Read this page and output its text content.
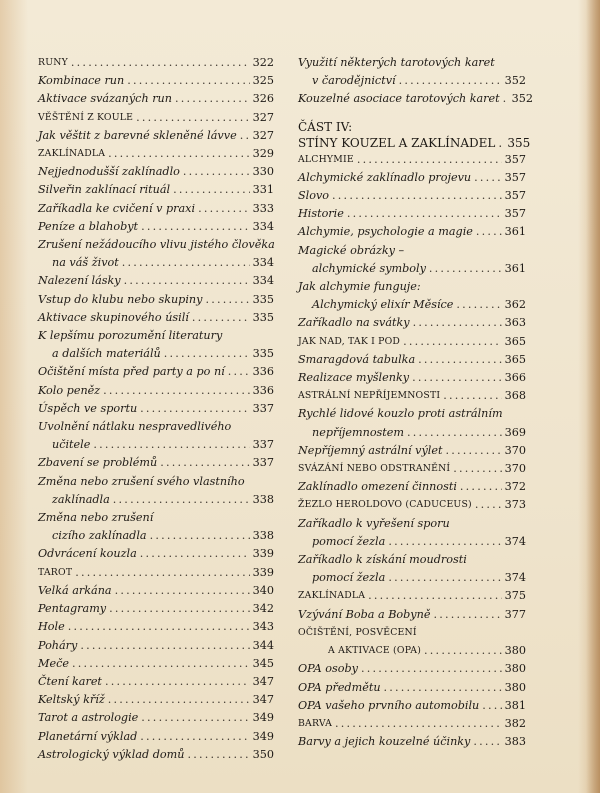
RUNY .....	322
Kombinace run .....	325
Aktivace svázaných run .....	326
VĚŠTĚNÍ Z KOULE .....	327
Jak věštit z barevné skleněné lávve ..... 327
ZAKLÍNADLA .....	329
Nejjednodušší zaklínadlo .....	330
Silveřin zaklínací rituál .....	331
Zaříkadla ke cvičení v praxi .....	333
Peníze a blahobyt .....	334
Zrušení nežádoucího vlivu jistého člověka
na váš život .....	334
Nalezení lásky .....	334
Vstup do klubu nebo skupiny .....	335
Aktivace skupinového úsilí .....	335
K lepšímu porozumění literatury
a dalších materiálů .....	335
Očištění místa před party a po ní ..... 336
Kolo peněz .....	336
Úspěch ve sportu .....	337
Uvolnění nátlaku nespravedlivého
učitele .....	337
Zbavení se problémů .....	337
Změna nebo zrušení svého vlastního
zaklínadla .....	338
Změna nebo zrušení
cizího zaklínadla .....	338
Odvrácení kouzla .....	339
TAROT .....	339
Velká arkána .....	340
Pentagramy .....	342
Hole .....	343
Poháry .....	344
Meče .....	345
Čtení karet .....	347
Keltský kříž .....	347
Tarot a astrologie .....	349
Planetární výklad .....	349
Astrologický výklad domů .....	350
Využití některých tarotových karet
v čarodějnictví .....	352
Kouzelné asociace tarotových karet ..... 352
ČÁST IV:
STÍNY KOUZEL A ZAKLÍNADEL ..... 355
ALCHYMIE .....	357
Alchymické zaklínadlo projevu .....	357
Slovo .....	357
Historie .....	357
Alchymie, psychologie a magie .....	361
Magické obrázky –
alchymické symboly .....	361
Jak alchymie funguje:
Alchymický elixír Měsíce .....	362
Zaříkadlo na svátky .....	363
JAK NAD, TAK I POD .....	365
Smaragdová tabulka .....	365
Realizace myšlenky .....	366
ASTRÁLNÍ NEPŘÍJEMNOSTI .....	368
Rychlé lidové kouzlo proti astrálním
nepříjemnostem .....	369
Nepříjemný astrální výlet .....	370
SVÁZÁNÍ NEBO ODSTRANĚNÍ .....	370
Zaklínadlo omezení činnosti .....	372
ŽEZLO HEROLDOVO (CADUCEUS) .....	373
Zaříkadlo k vyřešení sporu
pomocí žezla .....	374
Zaříkadlo k získání moudrosti
pomocí žezla .....	374
ZAKLÍNADLA .....	375
Vzývání Boba a Bobyně .....	377
OČIŠTĚNÍ, POSVĚCENÍ
A AKTIVACE (OPA) .....	380
OPA osoby .....	380
OPA předmětu .....	380
OPA vašeho prvního automobilu ..... 381
BARVA .....	382
Barvy a jejich kouzelné účinky .....	383
